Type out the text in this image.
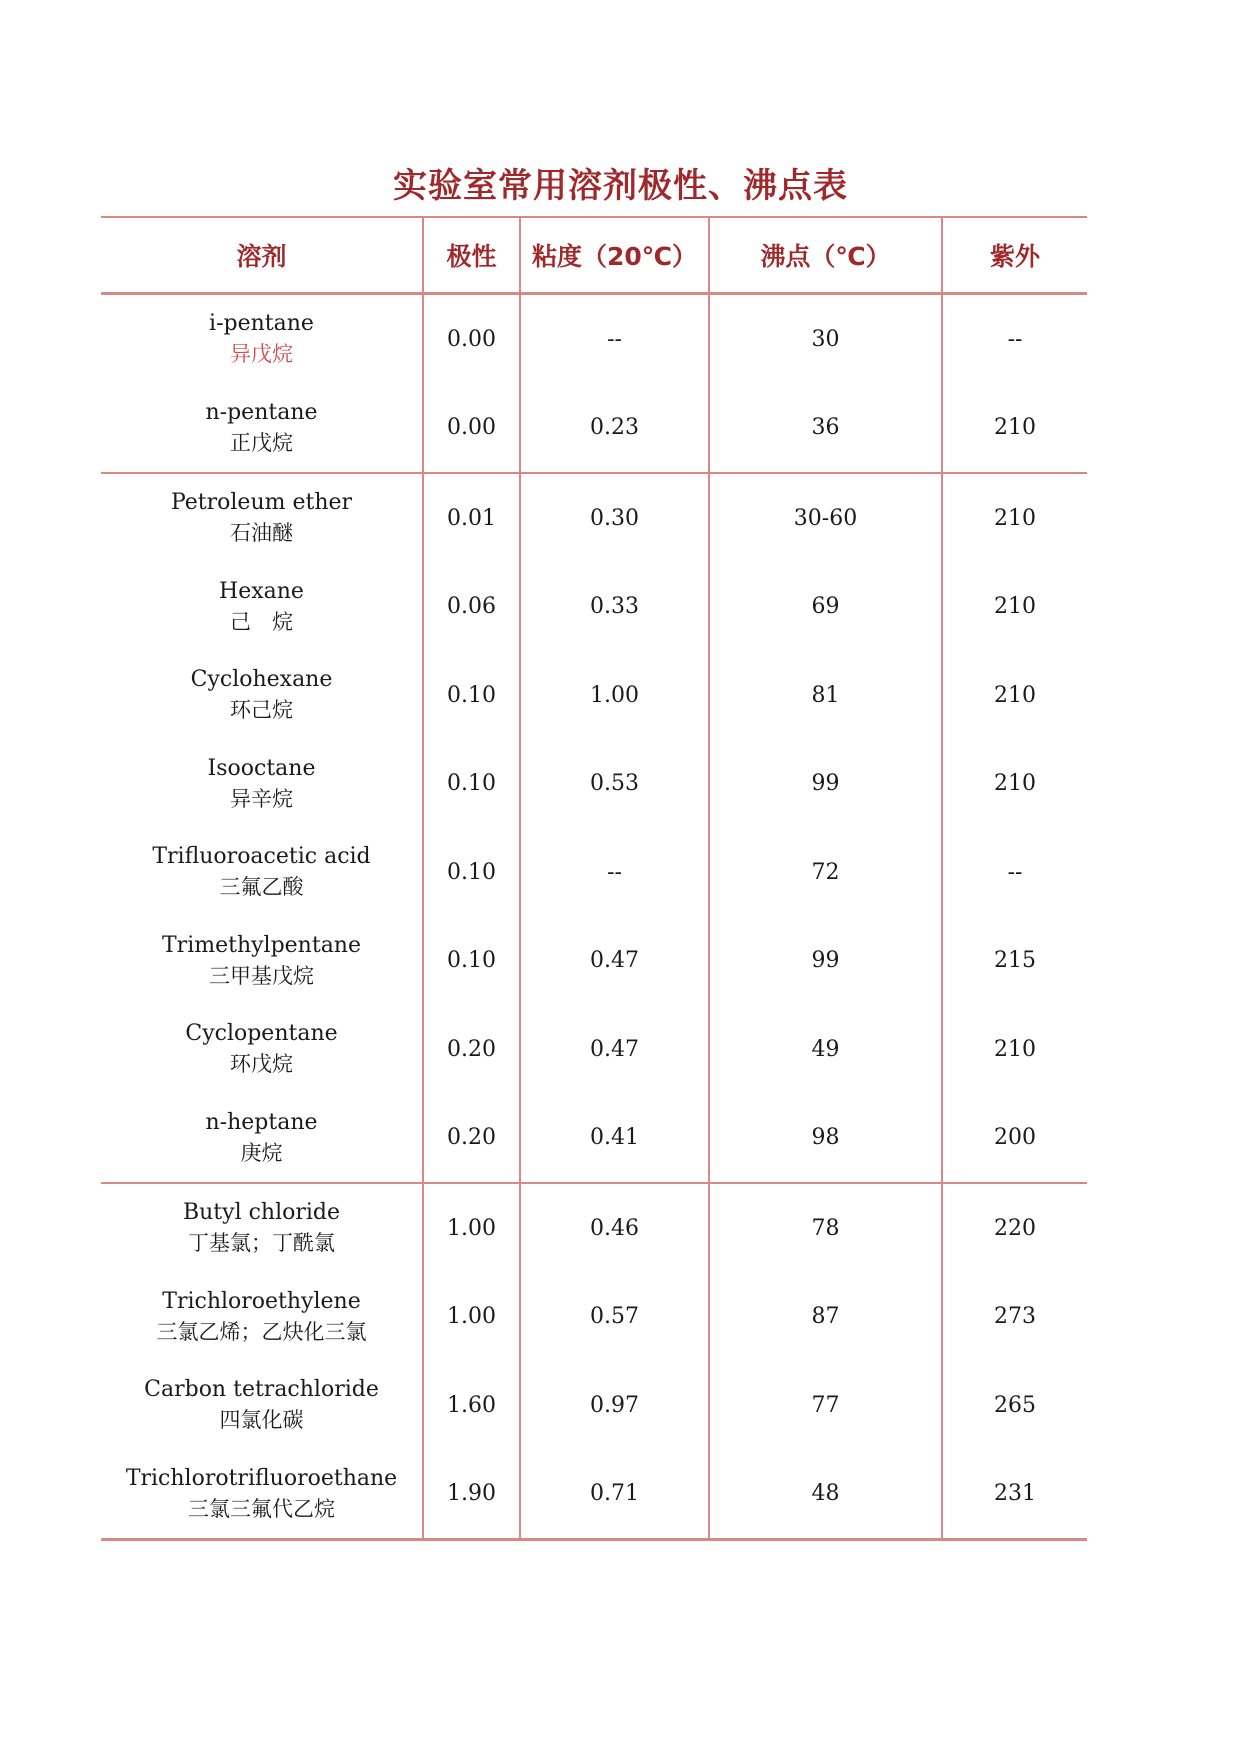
实验室常用溶剂极性、沸点表
溶剂	极性	粘度（20℃）	沸点（℃）	紫外

i-pentane
异戊烷	0.00	--	30	--

n-pentane
正戊烷	0.00	0.23	36	210

Petroleum ether
石油醚	0.01	0.30	30-60	210

Hexane
己　烷	0.06	0.33	69	210

Cyclohexane
环己烷	0.10	1.00	81	210

Isooctane
异辛烷	0.10	0.53	99	210

Trifluoroacetic acid
三氟乙酸	0.10	--	72	--

Trimethylpentane
三甲基戊烷	0.10	0.47	99	215

Cyclopentane
环戊烷	0.20	0.47	49	210

n-heptane
庚烷	0.20	0.41	98	200

Butyl chloride
丁基氯；丁酰氯	1.00	0.46	78	220

Trichloroethylene
三氯乙烯；乙炔化三氯	1.00	0.57	87	273

Carbon tetrachloride
四氯化碳	1.60	0.97	77	265

Trichlorotrifluoroethane
三氯三氟代乙烷	1.90	0.71	48	231
